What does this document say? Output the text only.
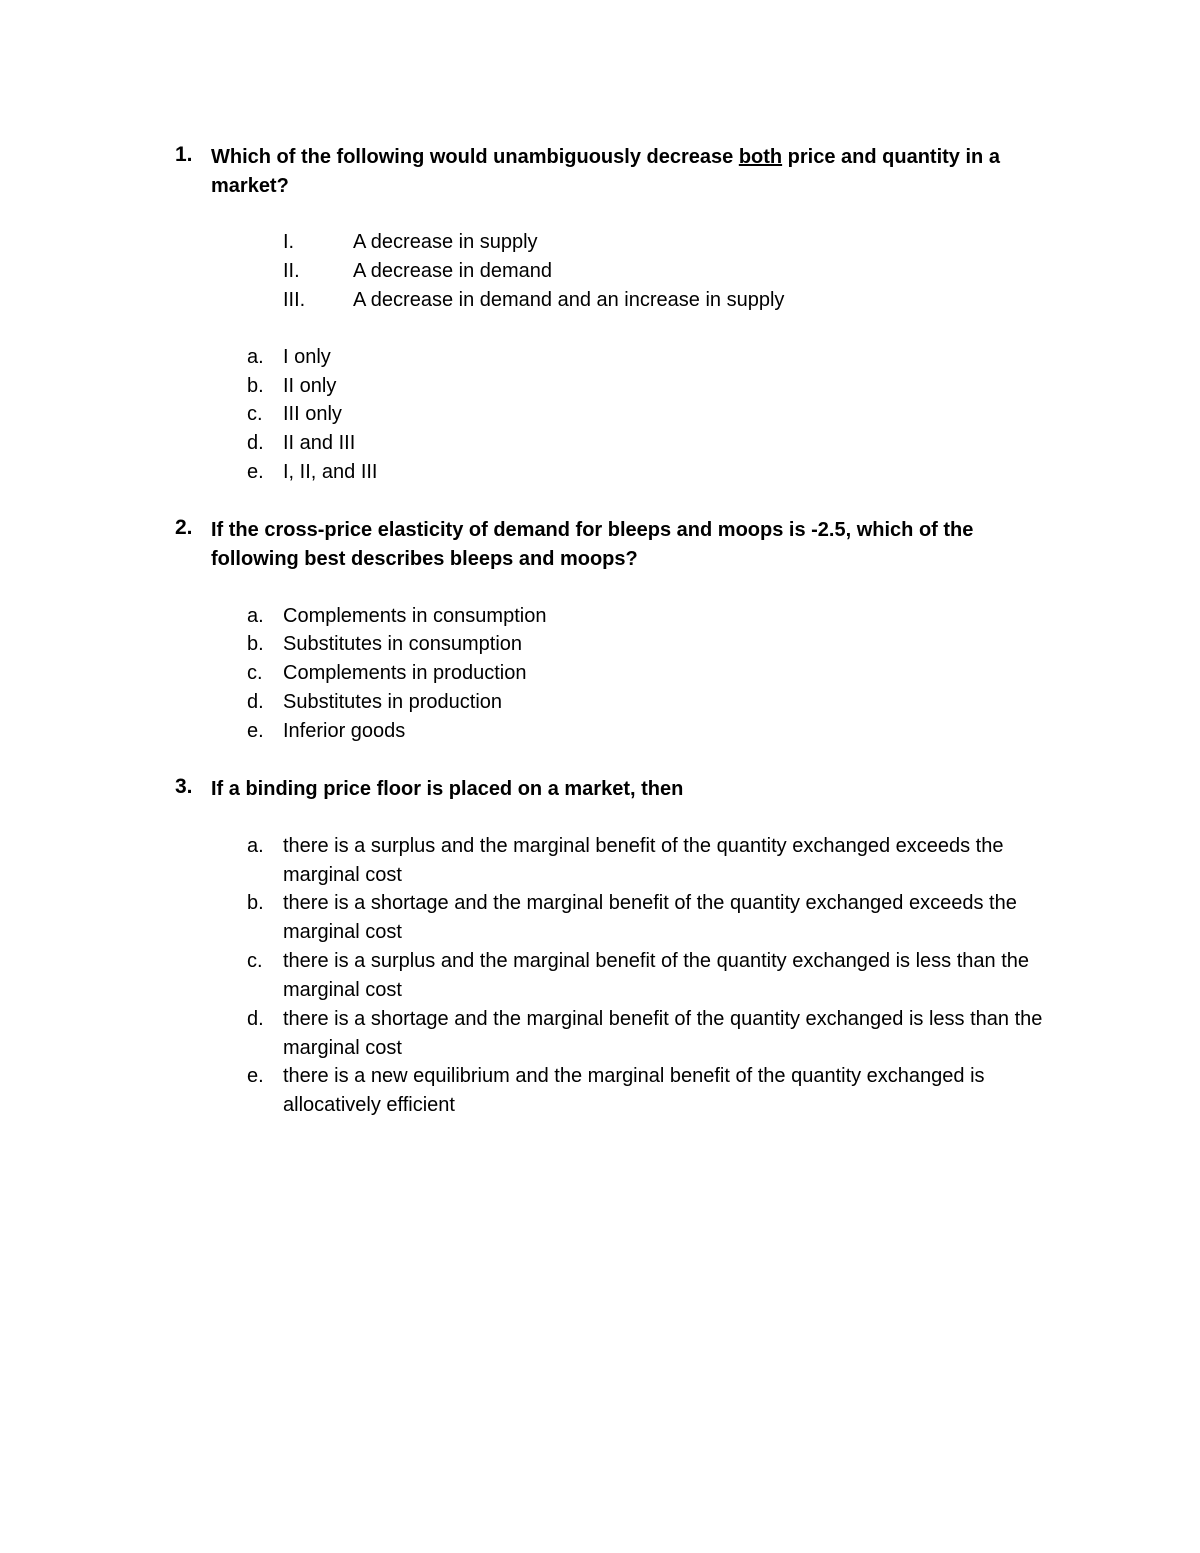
1. Which of the following would unambiguously decrease both price and quantity in a market?
I.	A decrease in supply
II.	A decrease in demand
III. A decrease in demand and an increase in supply
a. I only
b. II only
c. III only
d. II and III
e. I, II, and III
2. If the cross-price elasticity of demand for bleeps and moops is -2.5, which of the following best describes bleeps and moops?
a. Complements in consumption
b. Substitutes in consumption
c. Complements in production
d. Substitutes in production
e. Inferior goods
3. If a binding price floor is placed on a market, then
a. there is a surplus and the marginal benefit of the quantity exchanged exceeds the marginal cost
b. there is a shortage and the marginal benefit of the quantity exchanged exceeds the marginal cost
c. there is a surplus and the marginal benefit of the quantity exchanged is less than the marginal cost
d. there is a shortage and the marginal benefit of the quantity exchanged is less than the marginal cost
e. there is a new equilibrium and the marginal benefit of the quantity exchanged is allocatively efficient
